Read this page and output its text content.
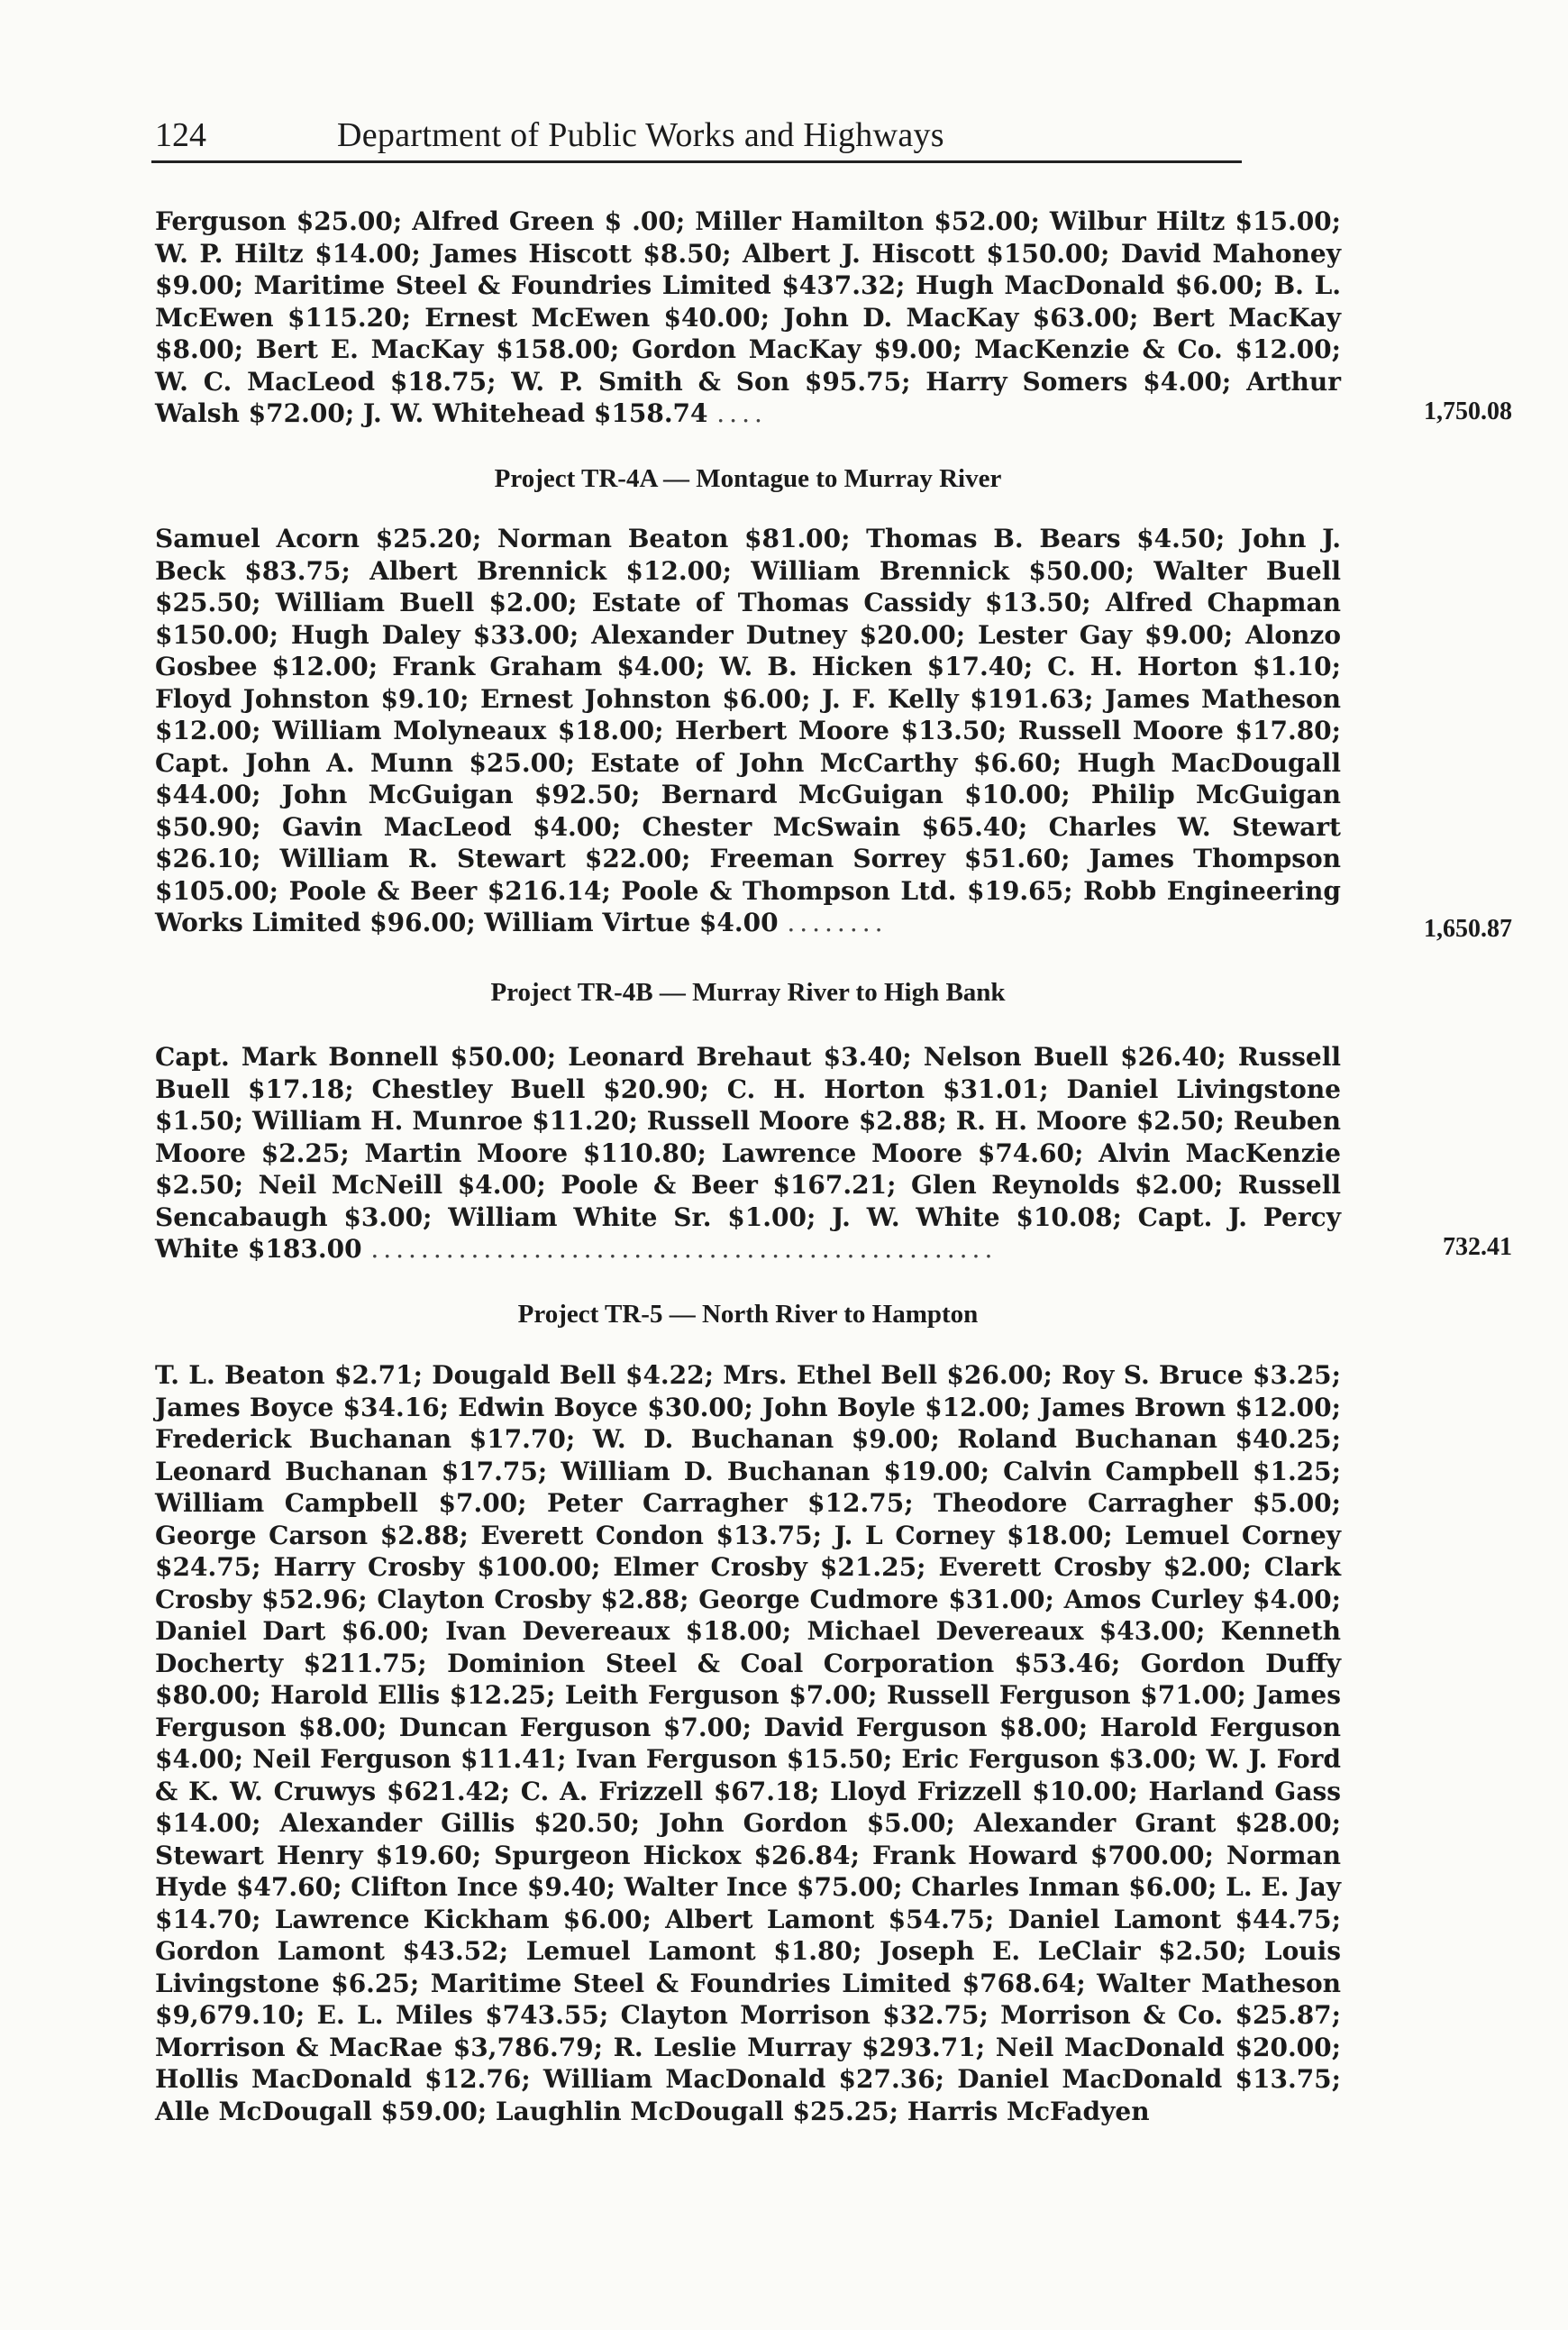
124	Department of Public Works and Highways
Ferguson $25.00; Alfred Green $ .00; Miller Hamilton $52.00; Wilbur Hiltz $15.00; W. P. Hiltz $14.00; James Hiscott $8.50; Albert J. Hiscott $150.00; David Mahoney $9.00; Maritime Steel & Foundries Limited $437.32; Hugh MacDonald $6.00; B. L. McEwen $115.20; Ernest McEwen $40.00; John D. MacKay $63.00; Bert MacKay $8.00; Bert E. MacKay $158.00; Gordon MacKay $9.00; MacKenzie & Co. $12.00; W. C. MacLeod $18.75; W. P. Smith & Son $95.75; Harry Somers $4.00; Arthur Walsh $72.00; J. W. Whitehead $158.74 ....	1,750.08
Project TR-4A — Montague to Murray River
Samuel Acorn $25.20; Norman Beaton $81.00; Thomas B. Bears $4.50; John J. Beck $83.75; Albert Brennick $12.00; William Brennick $50.00; Walter Buell $25.50; William Buell $2.00; Estate of Thomas Cassidy $13.50; Alfred Chapman $150.00; Hugh Daley $33.00; Alexander Dutney $20.00; Lester Gay $9.00; Alonzo Gosbee $12.00; Frank Graham $4.00; W. B. Hicken $17.40; C. H. Horton $1.10; Floyd Johnston $9.10; Ernest Johnston $6.00; J. F. Kelly $191.63; James Matheson $12.00; William Molyneaux $18.00; Herbert Moore $13.50; Russell Moore $17.80; Capt. John A. Munn $25.00; Estate of John McCarthy $6.60; Hugh MacDougall $44.00; John McGuigan $92.50; Bernard McGuigan $10.00; Philip McGuigan $50.90; Gavin MacLeod $4.00; Chester McSwain $65.40; Charles W. Stewart $26.10; William R. Stewart $22.00; Freeman Sorrey $51.60; James Thompson $105.00; Poole & Beer $216.14; Poole & Thompson Ltd. $19.65; Robb Engineering Works Limited $96.00; William Virtue $4.00 ........	1,650.87
Project TR-4B — Murray River to High Bank
Capt. Mark Bonnell $50.00; Leonard Brehaut $3.40; Nelson Buell $26.40; Russell Buell $17.18; Chestley Buell $20.90; C. H. Horton $31.01; Daniel Livingstone $1.50; William H. Munroe $11.20; Russell Moore $2.88; R. H. Moore $2.50; Reuben Moore $2.25; Martin Moore $110.80; Lawrence Moore $74.60; Alvin MacKenzie $2.50; Neil McNeill $4.00; Poole & Beer $167.21; Glen Reynolds $2.00; Russell Sencabaugh $3.00; William White Sr. $1.00; J. W. White $10.08; Capt. J. Percy White $183.00 ..................................................	732.41
Project TR-5 — North River to Hampton
T. L. Beaton $2.71; Dougald Bell $4.22; Mrs. Ethel Bell $26.00; Roy S. Bruce $3.25; James Boyce $34.16; Edwin Boyce $30.00; John Boyle $12.00; James Brown $12.00; Frederick Buchanan $17.70; W. D. Buchanan $9.00; Roland Buchanan $40.25; Leonard Buchanan $17.75; William D. Buchanan $19.00; Calvin Campbell $1.25; William Campbell $7.00; Peter Carragher $12.75; Theodore Carragher $5.00; George Carson $2.88; Everett Condon $13.75; J. L Corney $18.00; Lemuel Corney $24.75; Harry Crosby $100.00; Elmer Crosby $21.25; Everett Crosby $2.00; Clark Crosby $52.96; Clayton Crosby $2.88; George Cudmore $31.00; Amos Curley $4.00; Daniel Dart $6.00; Ivan Devereaux $18.00; Michael Devereaux $43.00; Kenneth Docherty $211.75; Dominion Steel & Coal Corporation $53.46; Gordon Duffy $80.00; Harold Ellis $12.25; Leith Ferguson $7.00; Russell Ferguson $71.00; James Ferguson $8.00; Duncan Ferguson $7.00; David Ferguson $8.00; Harold Ferguson $4.00; Neil Ferguson $11.41; Ivan Ferguson $15.50; Eric Ferguson $3.00; W. J. Ford & K. W. Cruwys $621.42; C. A. Frizzell $67.18; Lloyd Frizzell $10.00; Harland Gass $14.00; Alexander Gillis $20.50; John Gordon $5.00; Alexander Grant $28.00; Stewart Henry $19.60; Spurgeon Hickox $26.84; Frank Howard $700.00; Norman Hyde $47.60; Clifton Ince $9.40; Walter Ince $75.00; Charles Inman $6.00; L. E. Jay $14.70; Lawrence Kickham $6.00; Albert Lamont $54.75; Daniel Lamont $44.75; Gordon Lamont $43.52; Lemuel Lamont $1.80; Joseph E. LeClair $2.50; Louis Livingstone $6.25; Maritime Steel & Foundries Limited $768.64; Walter Matheson $9,679.10; E. L. Miles $743.55; Clayton Morrison $32.75; Morrison & Co. $25.87; Morrison & MacRae $3,786.79; R. Leslie Murray $293.71; Neil MacDonald $20.00; Hollis MacDonald $12.76; William MacDonald $27.36; Daniel MacDonald $13.75; Alle McDougall $59.00; Laughlin McDougall $25.25; Harris McFadyen
